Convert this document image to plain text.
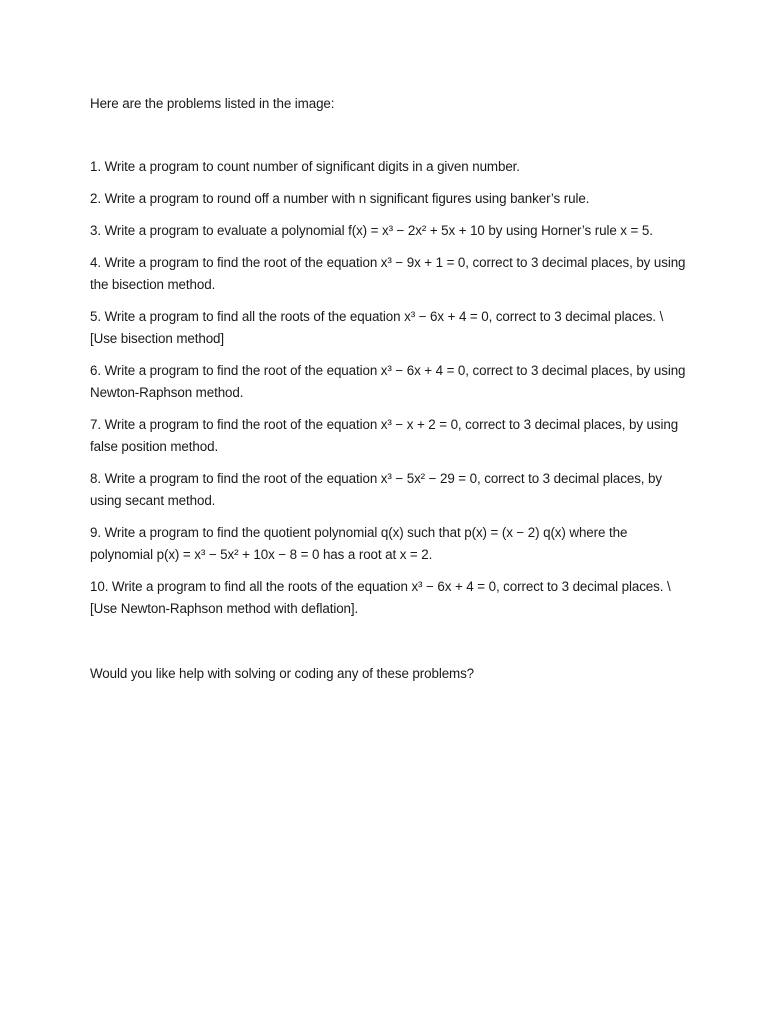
Here are the problems listed in the image:

1. Write a program to count number of significant digits in a given number.
2. Write a program to round off a number with n significant figures using banker’s rule.
3. Write a program to evaluate a polynomial f(x) = x³ − 2x² + 5x + 10 by using Horner’s rule x = 5.
4. Write a program to find the root of the equation x³ − 9x + 1 = 0, correct to 3 decimal places, by using the bisection method.
5. Write a program to find all the roots of the equation x³ − 6x + 4 = 0, correct to 3 decimal places. \[Use bisection method]
6. Write a program to find the root of the equation x³ − 6x + 4 = 0, correct to 3 decimal places, by using Newton-Raphson method.
7. Write a program to find the root of the equation x³ − x + 2 = 0, correct to 3 decimal places, by using false position method.
8. Write a program to find the root of the equation x³ − 5x² − 29 = 0, correct to 3 decimal places, by using secant method.
9. Write a program to find the quotient polynomial q(x) such that p(x) = (x − 2) q(x) where the polynomial p(x) = x³ − 5x² + 10x − 8 = 0 has a root at x = 2.
10. Write a program to find all the roots of the equation x³ − 6x + 4 = 0, correct to 3 decimal places. \[Use Newton-Raphson method with deflation].

Would you like help with solving or coding any of these problems?
